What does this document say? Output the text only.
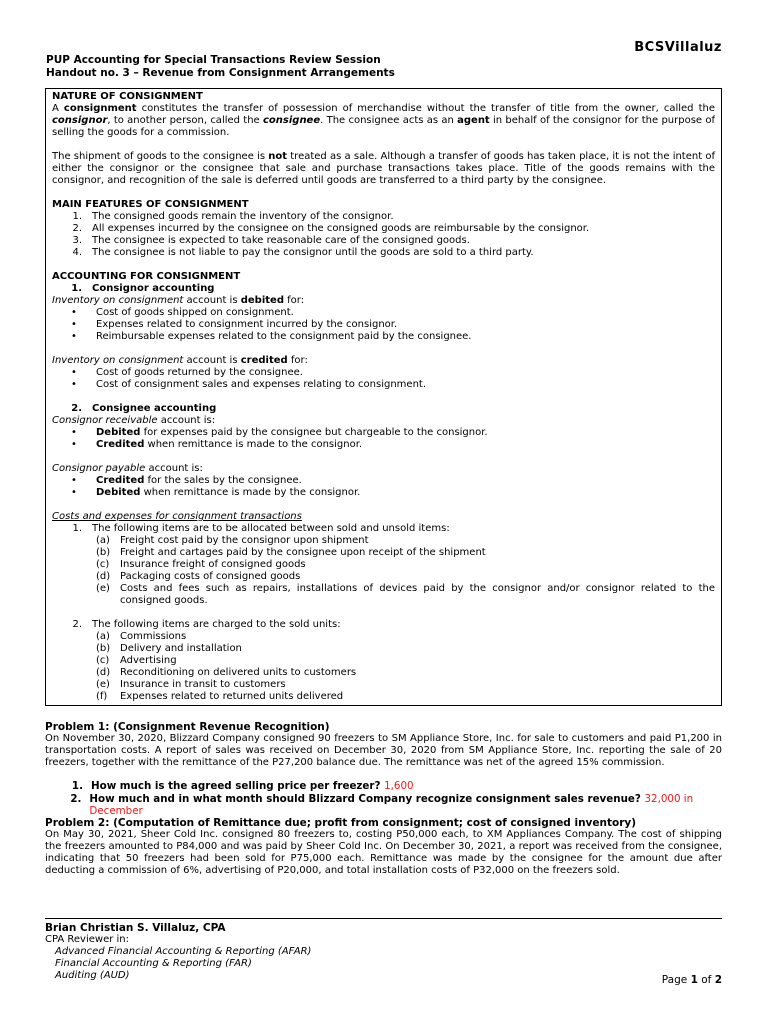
BCSVillaluz
PUP Accounting for Special Transactions Review Session
Handout no. 3 – Revenue from Consignment Arrangements

NATURE OF CONSIGNMENT

A consignment constitutes the transfer of possession of merchandise without the transfer of title from the owner, called the consignor, to another person, called the consignee. The consignee acts as an agent in behalf of the consignor for the purpose of selling the goods for a commission.

The shipment of goods to the consignee is not treated as a sale. Although a transfer of goods has taken place, it is not the intent of either the consignor or the consignee that sale and purchase transactions takes place. Title of the goods remains with the consignor, and recognition of the sale is deferred until goods are transferred to a third party by the consignee.

MAIN FEATURES OF CONSIGNMENT

1.	The consigned goods remain the inventory of the consignor.
2.	All expenses incurred by the consignee on the consigned goods are reimbursable by the consignor.
3.	The consignee is expected to take reasonable care of the consigned goods.
4.	The consignee is not liable to pay the consignor until the goods are sold to a third party.

ACCOUNTING FOR CONSIGNMENT

1.	Consignor accounting

Inventory on consignment account is debited for:

•	Cost of goods shipped on consignment.
•	Expenses related to consignment incurred by the consignor.
•	Reimbursable expenses related to the consignment paid by the consignee.

Inventory on consignment account is credited for:

•	Cost of goods returned by the consignee.
•	Cost of consignment sales and expenses relating to consignment.
2.	Consignee accounting

Consignor receivable account is:

•	Debited for expenses paid by the consignee but chargeable to the consignor.
•	Credited when remittance is made to the consignor.

Consignor payable account is:

•	Credited for the sales by the consignee.
•	Debited when remittance is made by the consignor.

Costs and expenses for consignment transactions

1.	The following items are to be allocated between sold and unsold items:
(a)	Freight cost paid by the consignor upon shipment
(b) Freight and cartages paid by the consignee upon receipt of the shipment
(c)	Insurance freight of consigned goods
(d) Packaging costs of consigned goods
(e)	Costs and fees such as repairs, installations of devices paid by the consignor and/or consignor related to the consigned goods.
2.	The following items are charged to the sold units:
(a)	Commissions
(b) Delivery and installation
(c)	Advertising
(d) Reconditioning on delivered units to customers
(e)	Insurance in transit to customers
(f)	Expenses related to returned units delivered

Problem 1: (Consignment Revenue Recognition)

On November 30, 2020, Blizzard Company consigned 90 freezers to SM Appliance Store, Inc. for sale to customers and paid P1,200 in transportation costs. A report of sales was received on December 30, 2020 from SM Appliance Store, Inc. reporting the sale of 20 freezers, together with the remittance of the P27,200 balance due. The remittance was net of the agreed 15% commission.

1. How much is the agreed selling price per freezer? 1,600
2. How much and in what month should Blizzard Company recognize consignment sales revenue? 32,000 in December

Problem 2: (Computation of Remittance due; profit from consignment; cost of consigned inventory)

On May 30, 2021, Sheer Cold Inc. consigned 80 freezers to, costing P50,000 each, to XM Appliances Company. The cost of shipping the freezers amounted to P84,000 and was paid by Sheer Cold Inc. On December 30, 2021, a report was received from the consignee, indicating that 50 freezers had been sold for P75,000 each. Remittance was made by the consignee for the amount due after deducting a commission of 6%, advertising of P20,000, and total installation costs of P32,000 on the freezers sold.

Brian Christian S. Villaluz, CPA
CPA Reviewer in:
Advanced Financial Accounting & Reporting (AFAR)
Financial Accounting & Reporting (FAR)
Auditing (AUD)	Page 1 of 2
